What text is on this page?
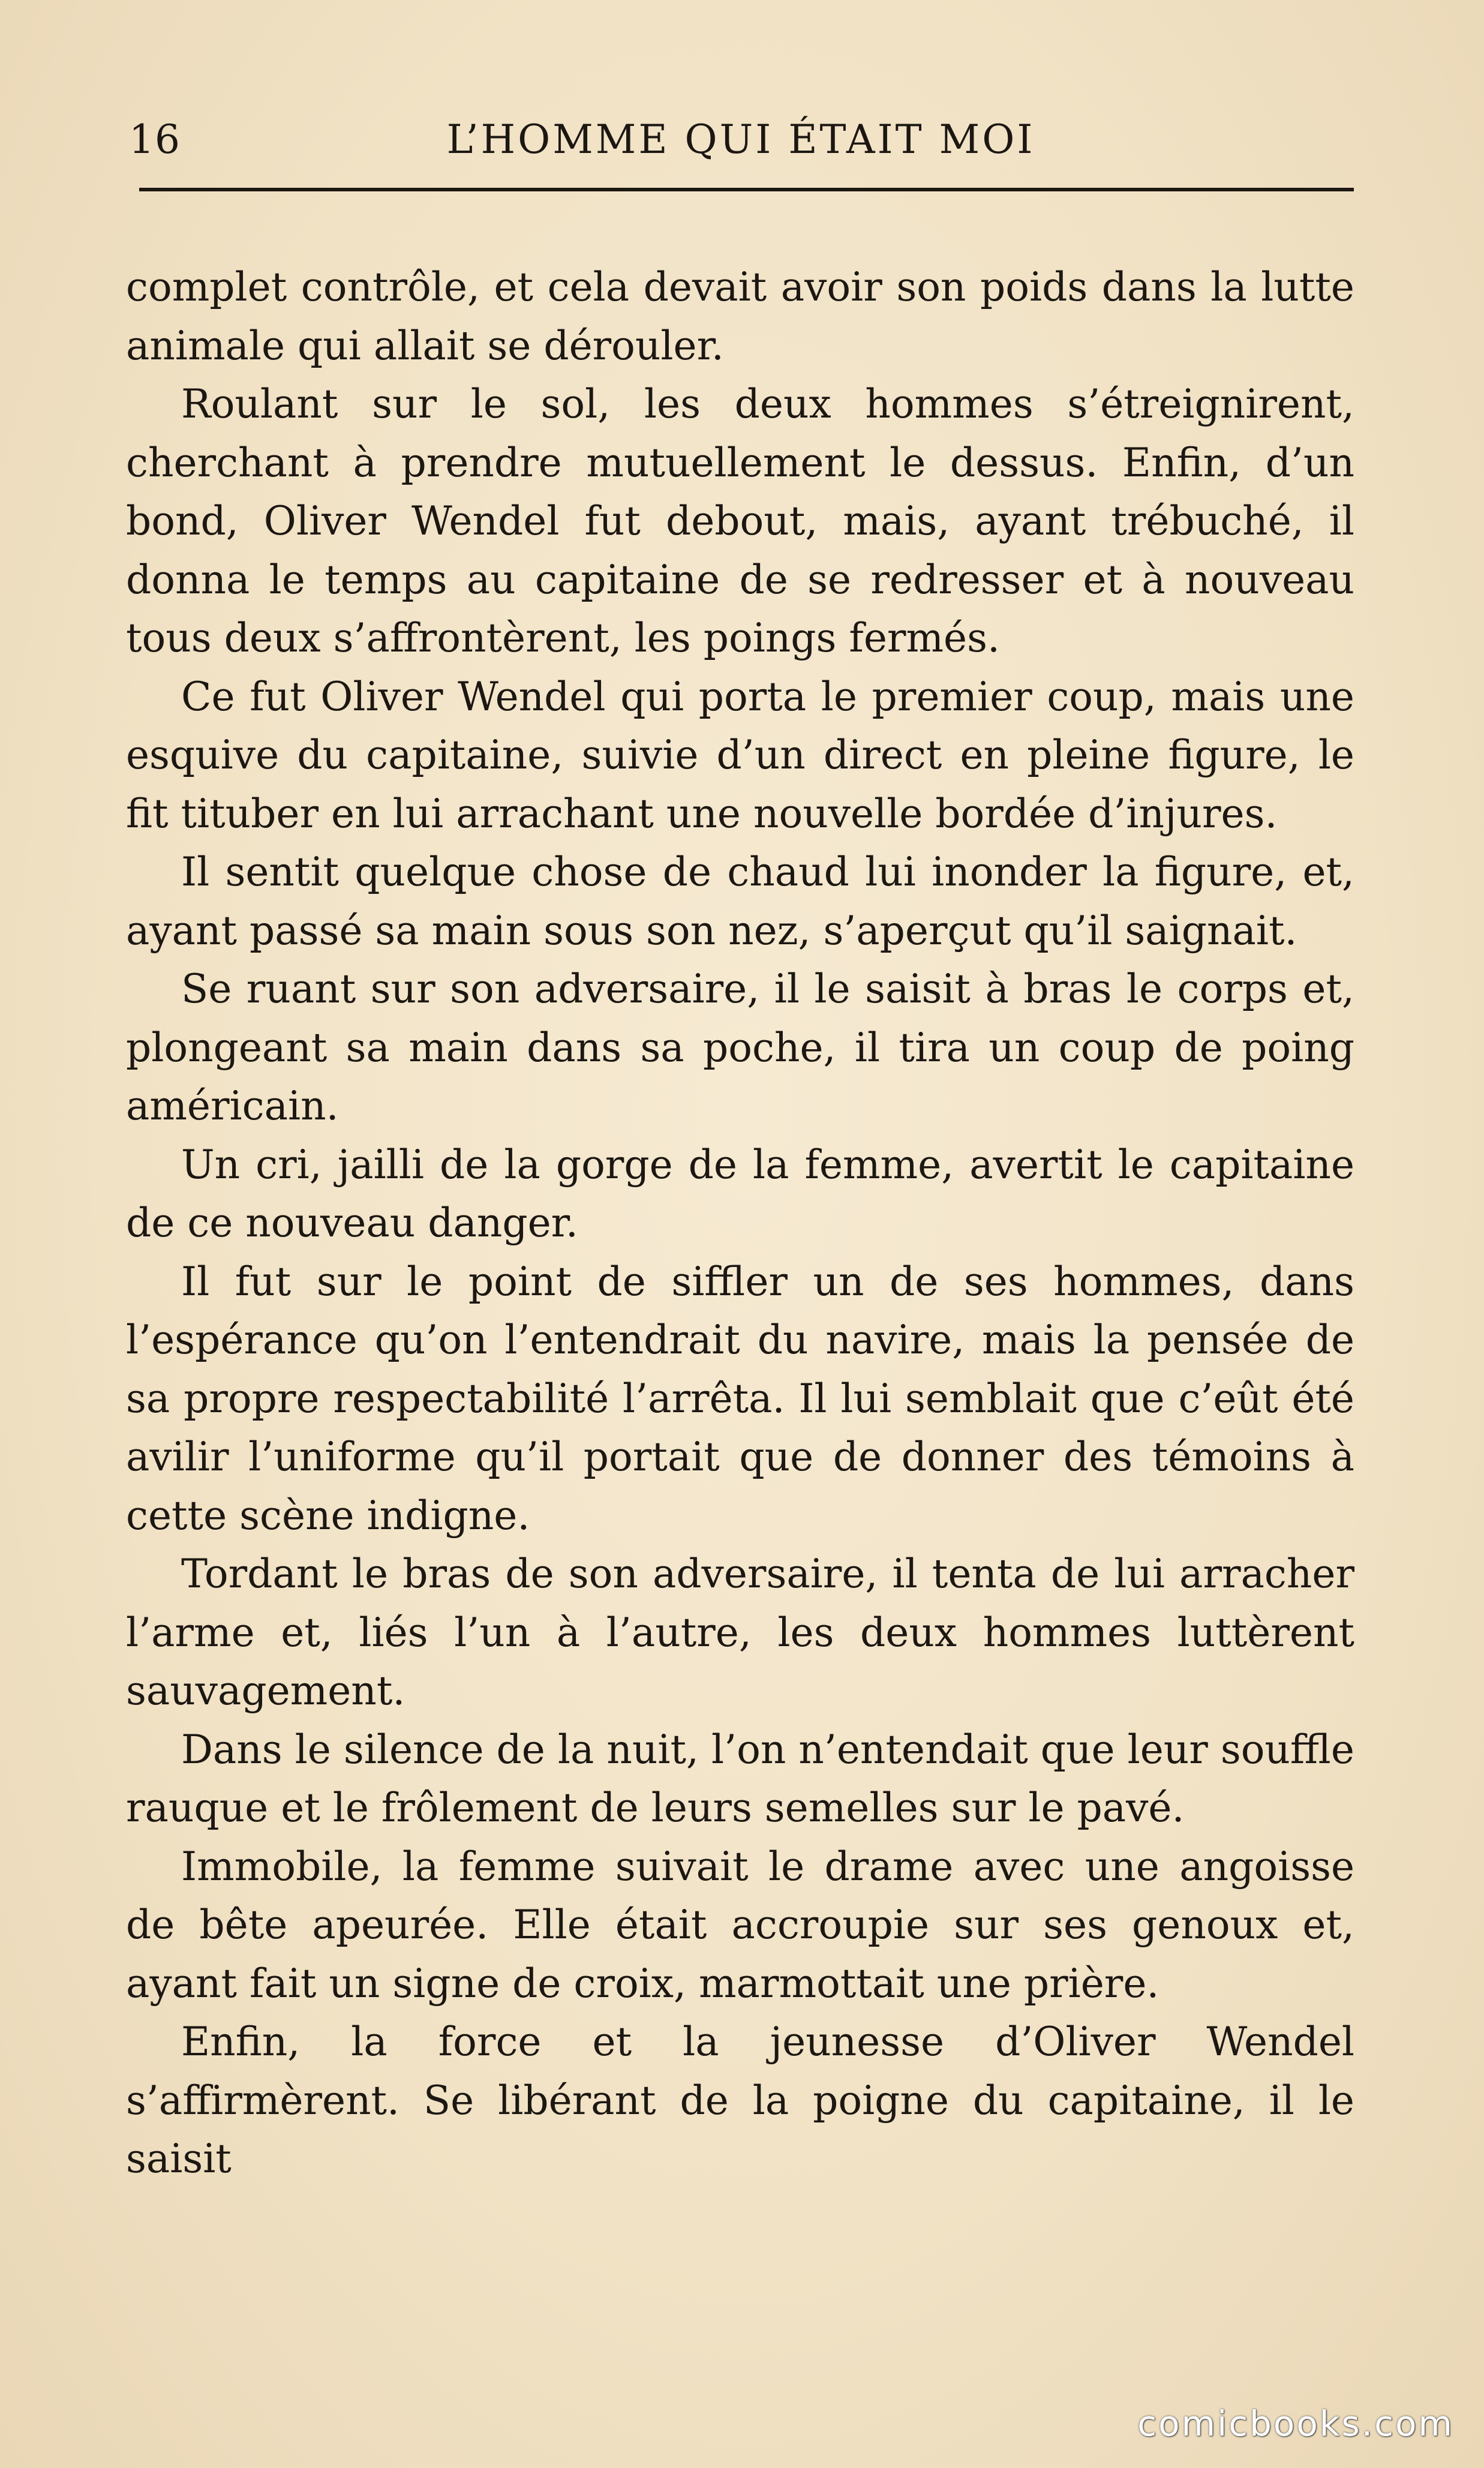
16	L’HOMME QUI ÉTAIT MOI

complet contrôle, et cela devait avoir son poids dans la lutte animale qui allait se dérouler.

Roulant sur le sol, les deux hommes s’étreignirent, cherchant à prendre mutuellement le dessus. Enfin, d’un bond, Oliver Wendel fut debout, mais, ayant trébuché, il donna le temps au capitaine de se redresser et à nouveau tous deux s’affrontèrent, les poings fermés.

Ce fut Oliver Wendel qui porta le premier coup, mais une esquive du capitaine, suivie d’un direct en pleine figure, le fit tituber en lui arrachant une nouvelle bordée d’injures.

Il sentit quelque chose de chaud lui inonder la figure, et, ayant passé sa main sous son nez, s’aperçut qu’il saignait.

Se ruant sur son adversaire, il le saisit à bras le corps et, plongeant sa main dans sa poche, il tira un coup de poing américain.

Un cri, jailli de la gorge de la femme, avertit le capitaine de ce nouveau danger.

Il fut sur le point de siffler un de ses hommes, dans l’espérance qu’on l’entendrait du navire, mais la pensée de sa propre respectabilité l’arrêta. Il lui semblait que c’eût été avilir l’uniforme qu’il portait que de donner des témoins à cette scène indigne.

Tordant le bras de son adversaire, il tenta de lui arracher l’arme et, liés l’un à l’autre, les deux hommes luttèrent sauvagement.

Dans le silence de la nuit, l’on n’entendait que leur souffle rauque et le frôlement de leurs semelles sur le pavé.

Immobile, la femme suivait le drame avec une angoisse de bête apeurée. Elle était accroupie sur ses genoux et, ayant fait un signe de croix, marmottait une prière.

Enfin, la force et la jeunesse d’Oliver Wendel s’affirmèrent. Se libérant de la poigne du capitaine, il le saisit

comicbooks.com
